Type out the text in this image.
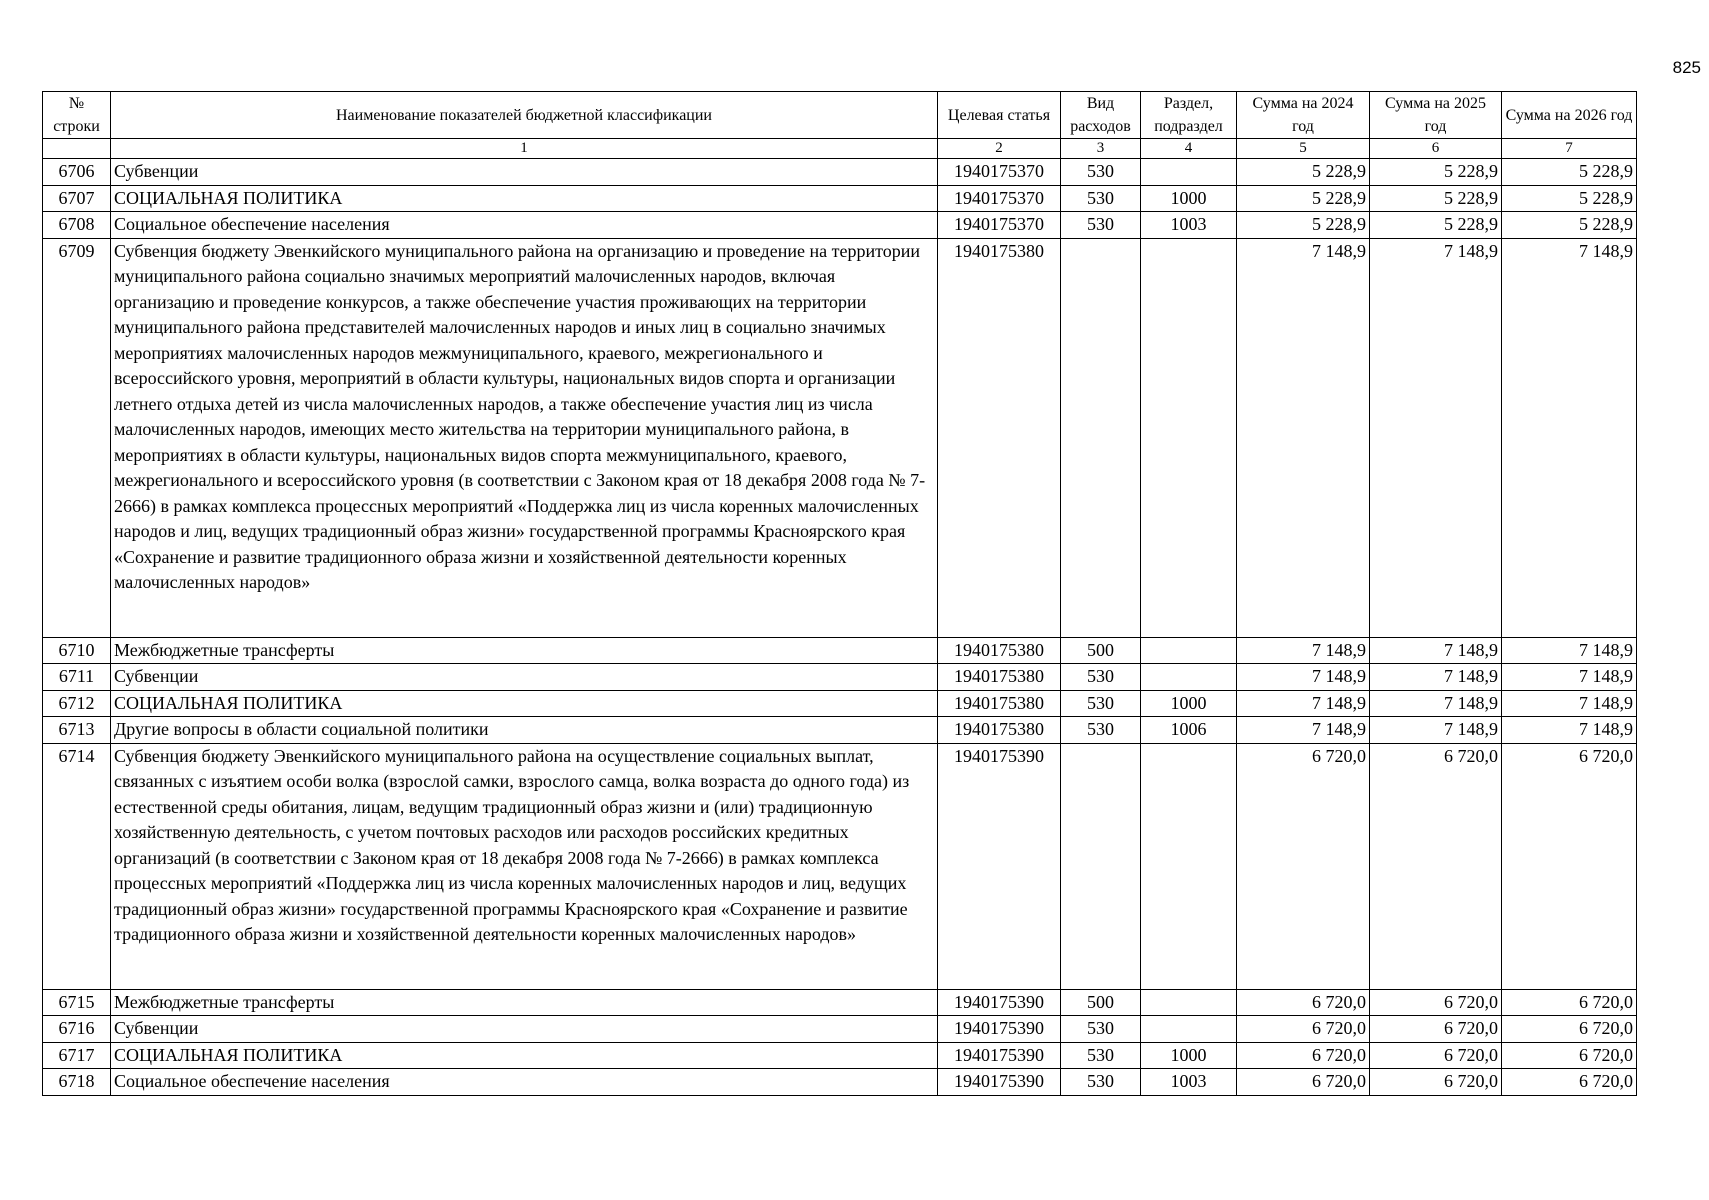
825
№ строки	Наименование показателей бюджетной классификации	Целевая статья	Вид расходов	Раздел, подраздел	Сумма на 2024 год	Сумма на 2025 год	Сумма на 2026 год
	1	2	3	4	5	6	7
6706	Субвенции	1940175370	530		5 228,9	5 228,9	5 228,9
6707	СОЦИАЛЬНАЯ ПОЛИТИКА	1940175370	530	1000	5 228,9	5 228,9	5 228,9
6708	Социальное обеспечение населения	1940175370	530	1003	5 228,9	5 228,9	5 228,9
6709	Субвенция бюджету Эвенкийского муниципального района на организацию и проведение на территории муниципального района социально значимых мероприятий малочисленных народов, включая организацию и проведение конкурсов, а также обеспечение участия проживающих на территории муниципального района представителей малочисленных народов и иных лиц в социально значимых мероприятиях малочисленных народов межмуниципального, краевого, межрегионального и всероссийского уровня, мероприятий в области культуры, национальных видов спорта и организации летнего отдыха детей из числа малочисленных народов, а также обеспечение участия лиц из числа малочисленных народов, имеющих место жительства на территории муниципального района, в мероприятиях в области культуры, национальных видов спорта межмуниципального, краевого, межрегионального и всероссийского уровня (в соответствии с Законом края от 18 декабря 2008 года № 7-2666) в рамках комплекса процессных мероприятий «Поддержка лиц из числа коренных малочисленных народов и лиц, ведущих традиционный образ жизни» государственной программы Красноярского края «Сохранение и развитие традиционного образа жизни и хозяйственной деятельности коренных малочисленных народов»	1940175380			7 148,9	7 148,9	7 148,9
6710	Межбюджетные трансферты	1940175380	500		7 148,9	7 148,9	7 148,9
6711	Субвенции	1940175380	530		7 148,9	7 148,9	7 148,9
6712	СОЦИАЛЬНАЯ ПОЛИТИКА	1940175380	530	1000	7 148,9	7 148,9	7 148,9
6713	Другие вопросы в области социальной политики	1940175380	530	1006	7 148,9	7 148,9	7 148,9
6714	Субвенция бюджету Эвенкийского муниципального района на осуществление социальных выплат, связанных с изъятием особи волка (взрослой самки, взрослого самца, волка возраста до одного года) из естественной среды обитания, лицам, ведущим традиционный образ жизни и (или) традиционную хозяйственную деятельность, с учетом почтовых расходов или расходов российских кредитных организаций (в соответствии с Законом края от 18 декабря 2008 года № 7-2666) в рамках комплекса процессных мероприятий «Поддержка лиц из числа коренных малочисленных народов и лиц, ведущих традиционный образ жизни» государственной программы Красноярского края «Сохранение и развитие традиционного образа жизни и хозяйственной деятельности коренных малочисленных народов»	1940175390			6 720,0	6 720,0	6 720,0
6715	Межбюджетные трансферты	1940175390	500		6 720,0	6 720,0	6 720,0
6716	Субвенции	1940175390	530		6 720,0	6 720,0	6 720,0
6717	СОЦИАЛЬНАЯ ПОЛИТИКА	1940175390	530	1000	6 720,0	6 720,0	6 720,0
6718	Социальное обеспечение населения	1940175390	530	1003	6 720,0	6 720,0	6 720,0
